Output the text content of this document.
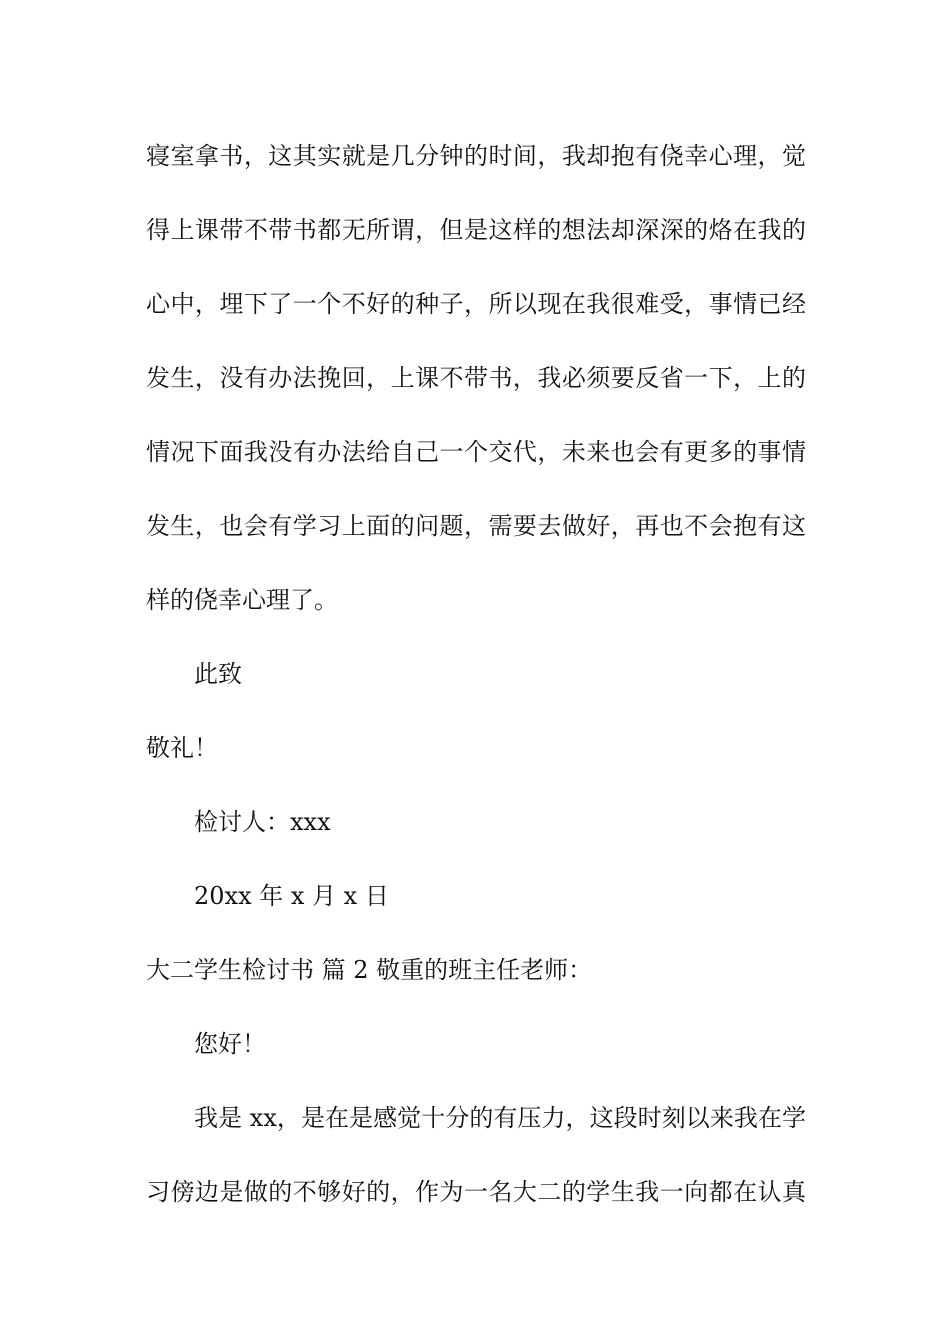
寝室拿书，这其实就是几分钟的时间，我却抱有侥幸心理，觉
得上课带不带书都无所谓，但是这样的想法却深深的烙在我的
心中，埋下了一个不好的种子，所以现在我很难受，事情已经
发生，没有办法挽回，上课不带书，我必须要反省一下，上的
情况下面我没有办法给自己一个交代，未来也会有更多的事情
发生，也会有学习上面的问题，需要去做好，再也不会抱有这
样的侥幸心理了。
此致
敬礼！
检讨人：xxx
20xx 年 x 月 x 日
大二学生检讨书 篇 2 敬重的班主任老师：
您好！
我是 xx，是在是感觉十分的有压力，这段时刻以来我在学
习傍边是做的不够好的，作为一名大二的学生我一向都在认真
